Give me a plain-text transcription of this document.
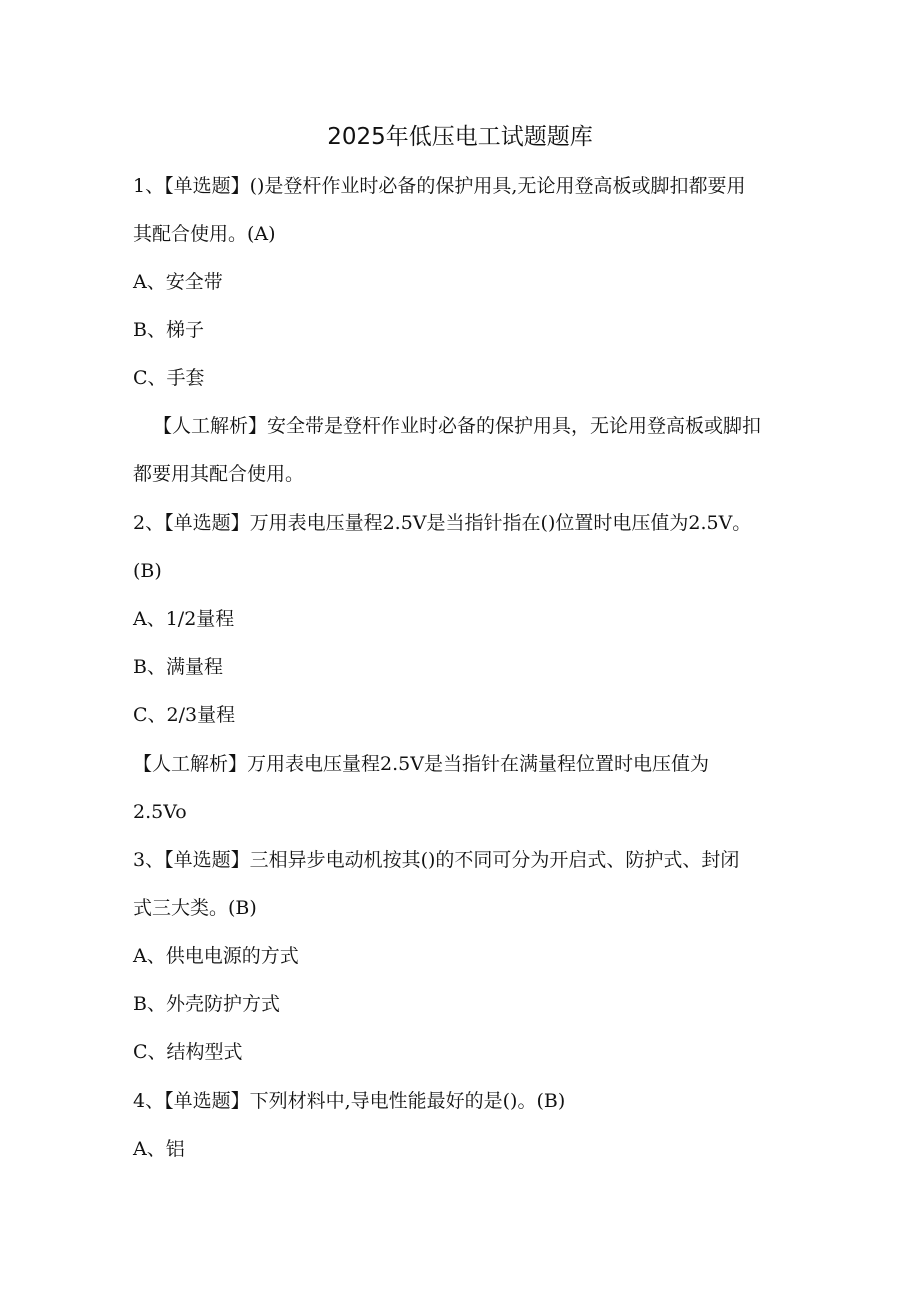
2025年低压电工试题题库
1、【单选题】()是登杆作业时必备的保护用具,无论用登高板或脚扣都要用
其配合使用。(A)
A、安全带
B、梯子
C、手套
【人工解析】安全带是登杆作业时必备的保护用具，无论用登高板或脚扣
都要用其配合使用。
2、【单选题】万用表电压量程2.5V是当指针指在()位置时电压值为2.5V。
(B)
A、1/2量程
B、满量程
C、2/3量程
【人工解析】万用表电压量程2.5V是当指针在满量程位置时电压值为
2.5Vo
3、【单选题】三相异步电动机按其()的不同可分为开启式、防护式、封闭
式三大类。(B)
A、供电电源的方式
B、外壳防护方式
C、结构型式
4、【单选题】下列材料中,导电性能最好的是()。(B)
A、铝
